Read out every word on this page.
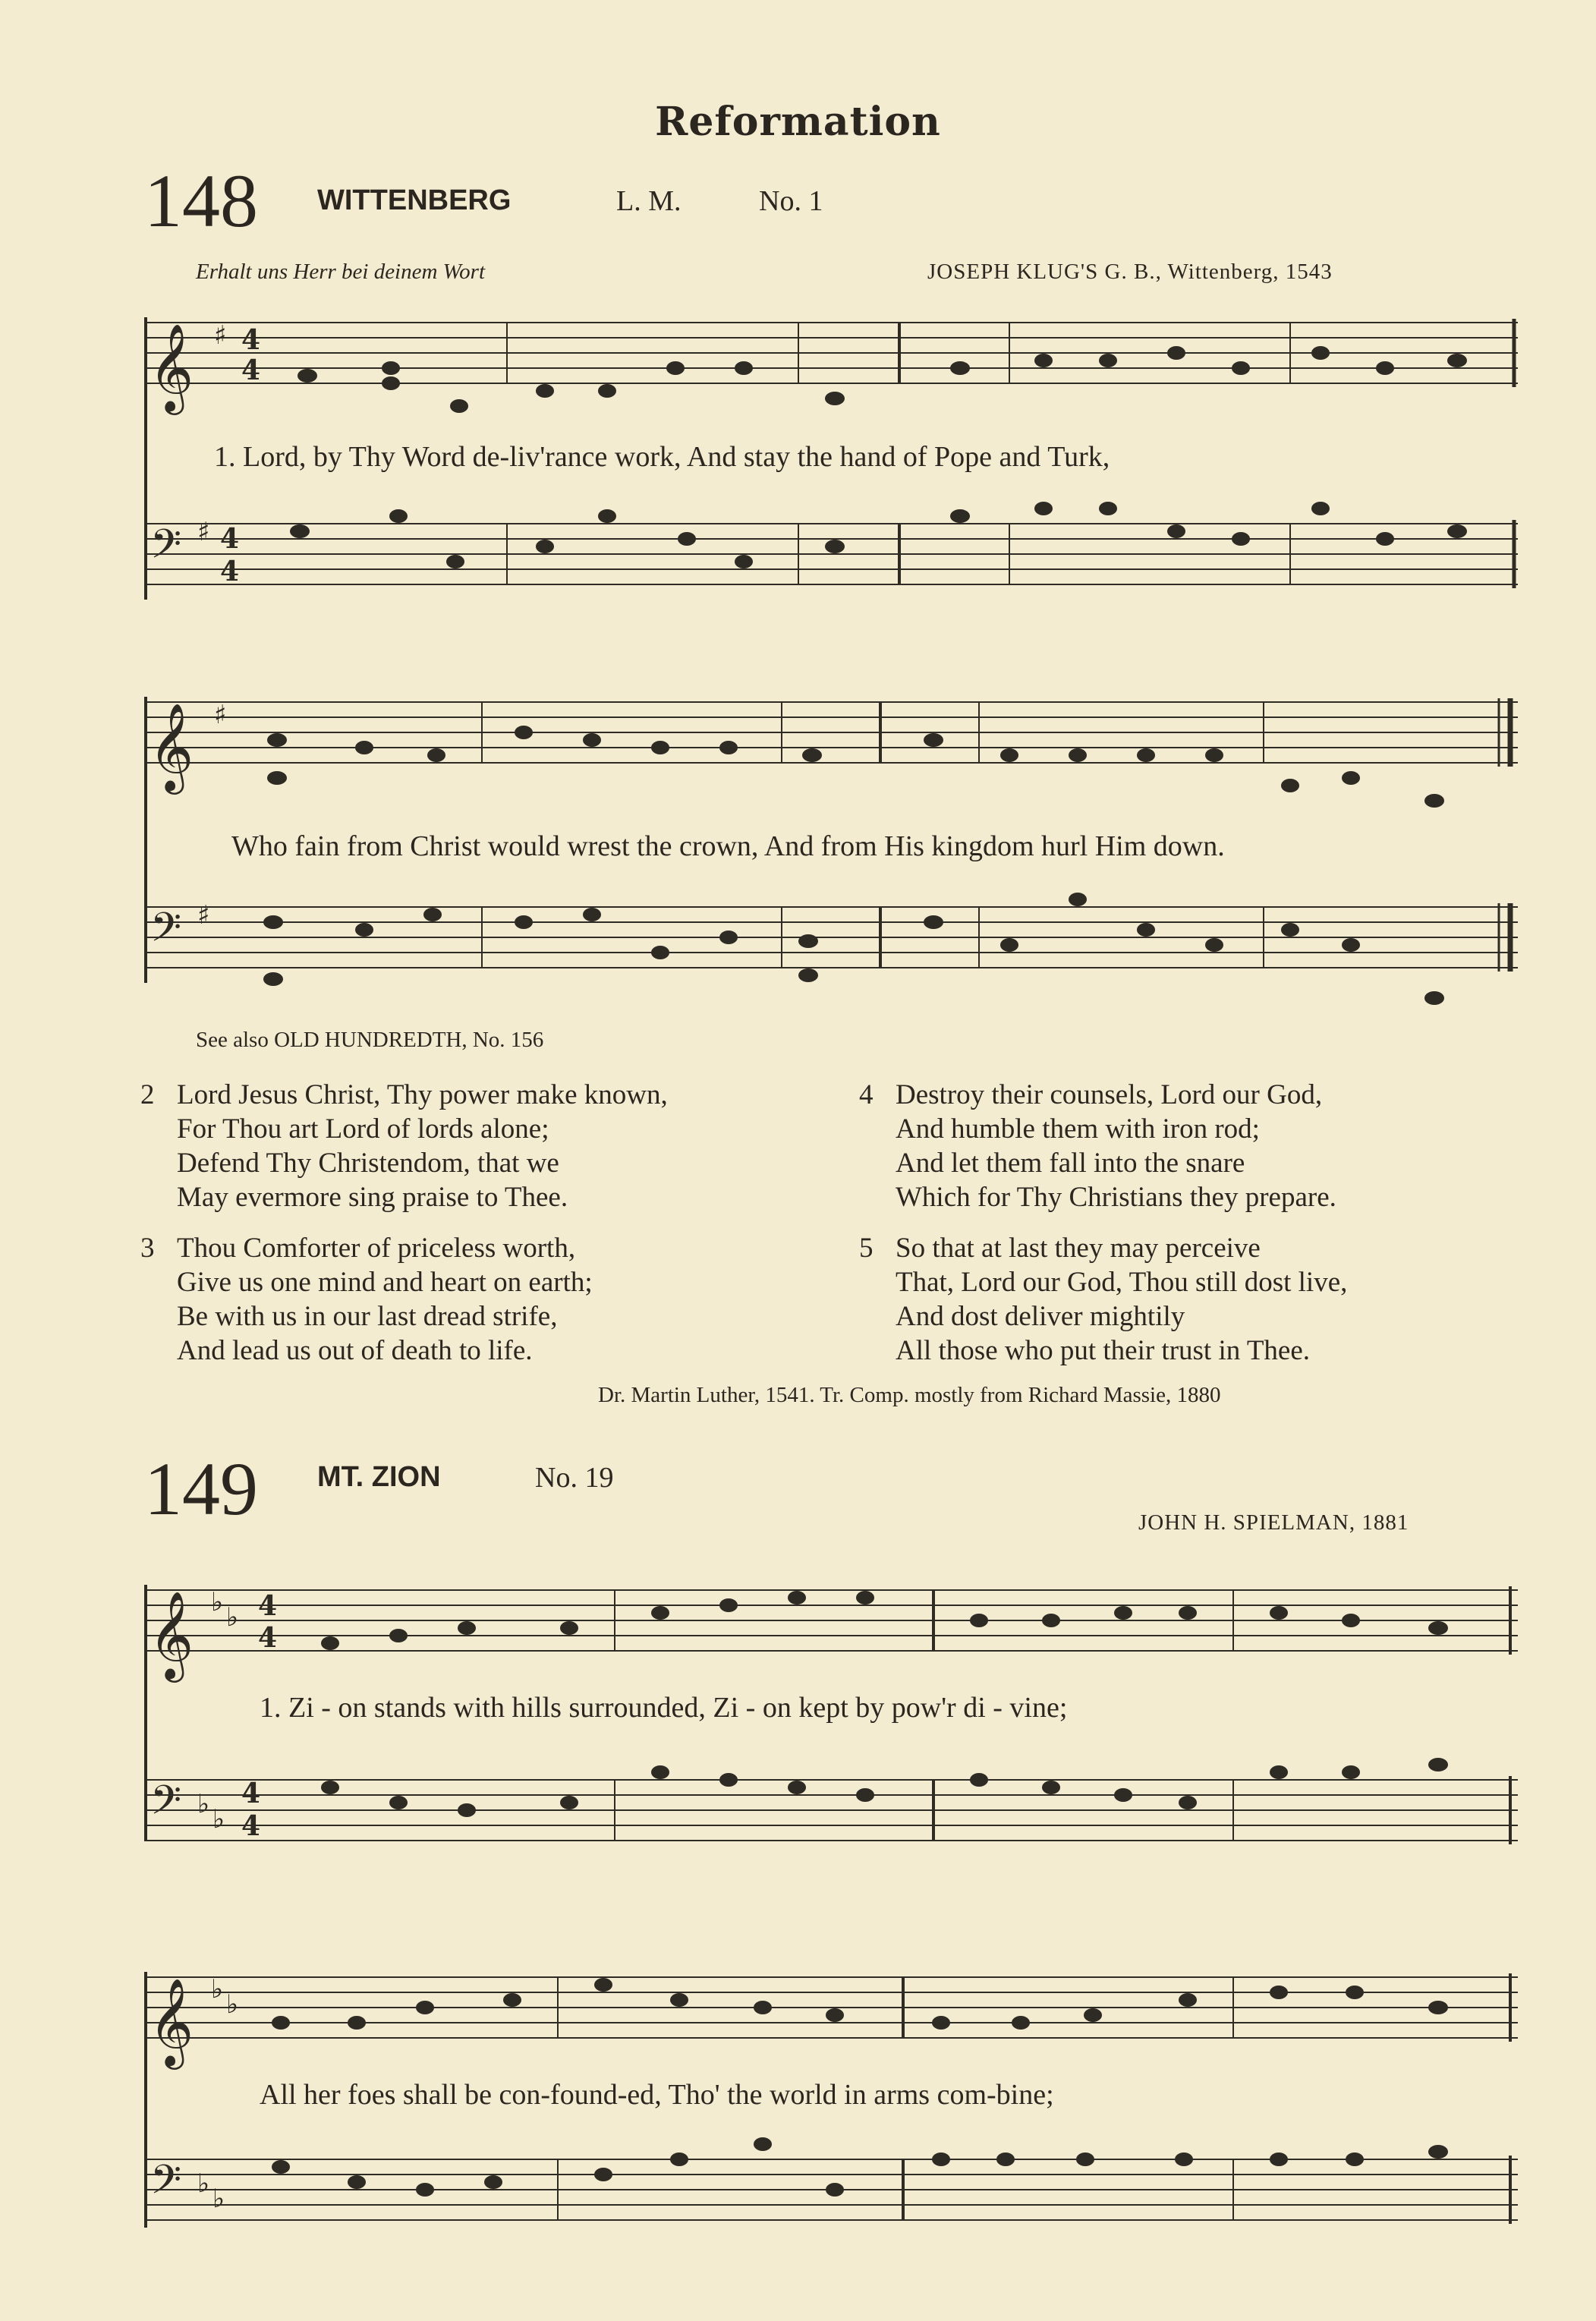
Reformation
148 WITTENBERG	L. M.	No. 1
Erhalt uns Herr bei deinem Wort	JOSEPH KLUG'S G. B., Wittenberg, 1543
𝄞 ♯ 4
4
1. Lord, by Thy Word de-liv'rance work, And stay the hand of Pope and Turk,
𝄢 ♯ 4
4
𝄞 ♯
Who fain from Christ would wrest the crown, And from His kingdom hurl Him down.
𝄢 ♯
See also OLD HUNDREDTH, No. 156
2 Lord Jesus Christ, Thy power make known,
For Thou art Lord of lords alone;
Defend Thy Christendom, that we
May evermore sing praise to Thee.
3 Thou Comforter of priceless worth,
Give us one mind and heart on earth;
Be with us in our last dread strife,
And lead us out of death to life.
4 Destroy their counsels, Lord our God,
And humble them with iron rod;
And let them fall into the snare
Which for Thy Christians they prepare.
5 So that at last they may perceive
That, Lord our God, Thou still dost live,
And dost deliver mightily
All those who put their trust in Thee.
Dr. Martin Luther, 1541. Tr. Comp. mostly from Richard Massie, 1880
149 MT. ZION	No. 19
JOHN H. SPIELMAN, 1881
𝄞 ♭ ♭ 4
4
1. Zi - on stands with hills surrounded, Zi - on kept by pow'r di - vine;
𝄢 ♭ ♭
4
4
𝄞 ♭ ♭
All her foes shall be con-found-ed, Tho' the world in arms com-bine;
𝄢 ♭ ♭
